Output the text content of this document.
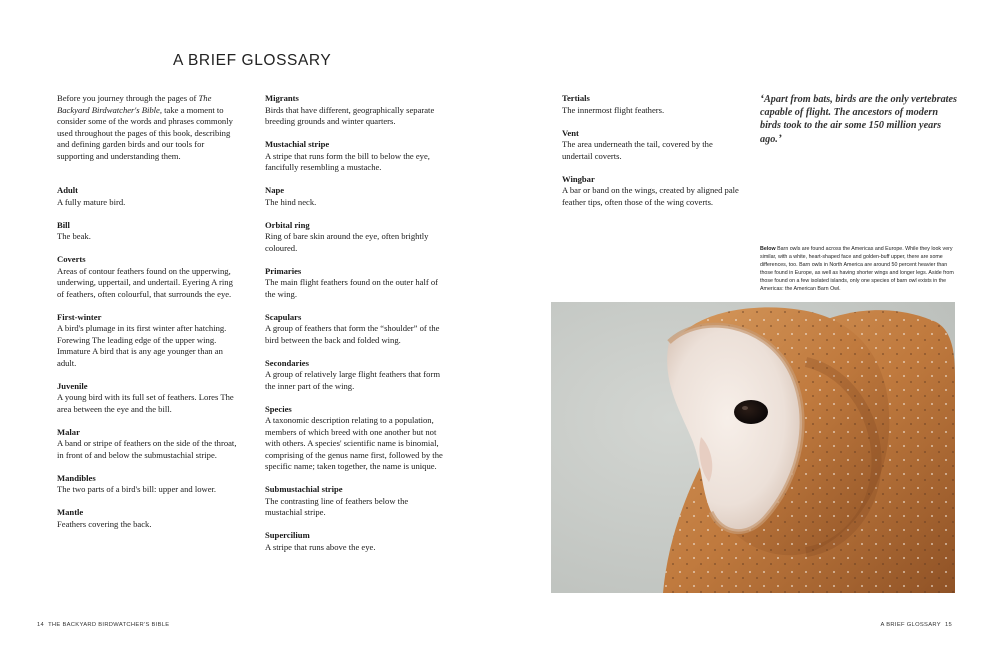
A BRIEF GLOSSARY

Before you journey through the pages of The Backyard Birdwatcher's Bible, take a moment to consider some of the words and phrases commonly used throughout the pages of this book, describing and defining garden birds and our tools for supporting and understanding them.

Adult
A fully mature bird.
Bill
The beak.
Coverts
Areas of contour feathers found on the upperwing, underwing, uppertail, and undertail. Eyering A ring of feathers, often colourful, that surrounds the eye.
First-winter
A bird's plumage in its first winter after hatching. Forewing The leading edge of the upper wing. Immature A bird that is any age younger than an adult.
Juvenile
A young bird with its full set of feathers. Lores The area between the eye and the bill.
Malar
A band or stripe of feathers on the side of the throat, in front of and below the submustachial stripe.
Mandibles
The two parts of a bird's bill: upper and lower.
Mantle
Feathers covering the back.
Migrants
Birds that have different, geographically separate breeding grounds and winter quarters.
Mustachial stripe
A stripe that runs form the bill to below the eye, fancifully resembling a mustache.
Nape
The hind neck.
Orbital ring
Ring of bare skin around the eye, often brightly coloured.
Primaries
The main flight feathers found on the outer half of the wing.
Scapulars
A group of feathers that form the “shoulder” of the bird between the back and folded wing.
Secondaries
A group of relatively large flight feathers that form the inner part of the wing.
Species
A taxonomic description relating to a population, members of which breed with one another but not with others. A species' scientific name is binomial, comprising of the genus name first, followed by the specific name; taken together, the name is unique.
Submustachial stripe
The contrasting line of feathers below the mustachial stripe.
Supercilium
A stripe that runs above the eye.
Tertials
The innermost flight feathers.
Vent
The area underneath the tail, covered by the undertail coverts.
Wingbar
A bar or band on the wings, created by aligned pale feather tips, often those of the wing coverts.

‘Apart from bats, birds are the only vertebrates capable of flight. The ancestors of modern birds took to the air some 150 million years ago.’

Below Barn owls are found across the Americas and Europe. While they look very similar, with a white, heart-shaped face and golden-buff upper, there are some differences, too. Barn owls in North America are around 50 percent heavier than those found in Europe, as well as having shorter wings and longer legs. Aside from those found on a few isolated islands, only one species of barn owl exists in the Americas: the American Barn Owl.

14 THE BACKYARD BIRDWATCHER'S BIBLE	A BRIEF GLOSSARY 15
